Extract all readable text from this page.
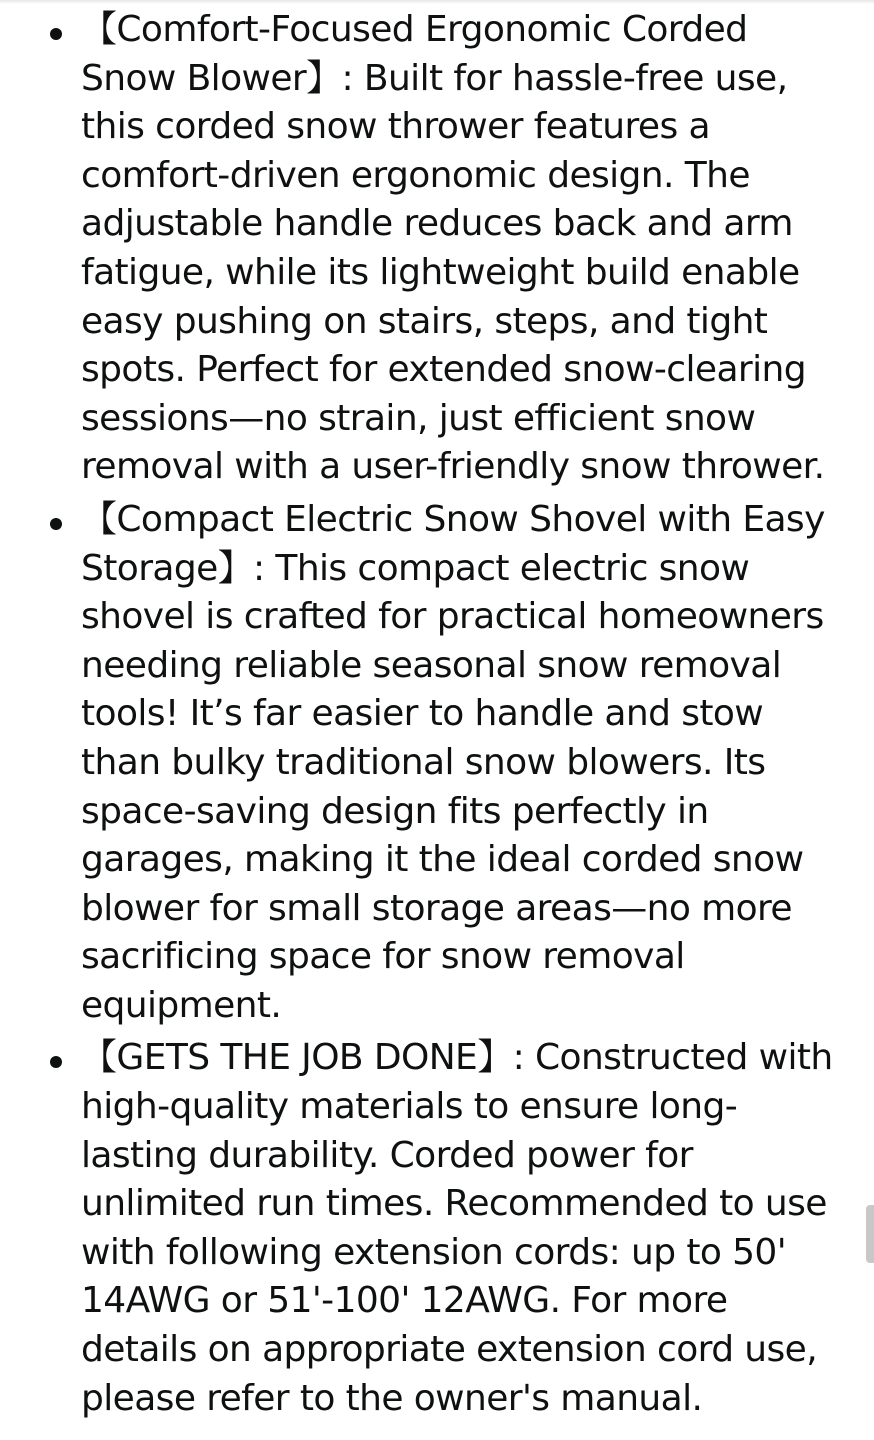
【Comfort-Focused Ergonomic Corded Snow Blower】: Built for hassle-free use, this corded snow thrower features a comfort-driven ergonomic design. The adjustable handle reduces back and arm fatigue, while its lightweight build enable easy pushing on stairs, steps, and tight spots. Perfect for extended snow-clearing sessions—no strain, just efficient snow removal with a user-friendly snow thrower.
【Compact Electric Snow Shovel with Easy Storage】: This compact electric snow shovel is crafted for practical homeowners needing reliable seasonal snow removal tools! It’s far easier to handle and stow than bulky traditional snow blowers. Its space-saving design fits perfectly in garages, making it the ideal corded snow blower for small storage areas—no more sacrificing space for snow removal equipment.
【GETS THE JOB DONE】: Constructed with high-quality materials to ensure long-lasting durability. Corded power for unlimited run times. Recommended to use with following extension cords: up to 50' 14AWG or 51'-100' 12AWG. For more details on appropriate extension cord use, please refer to the owner's manual.
